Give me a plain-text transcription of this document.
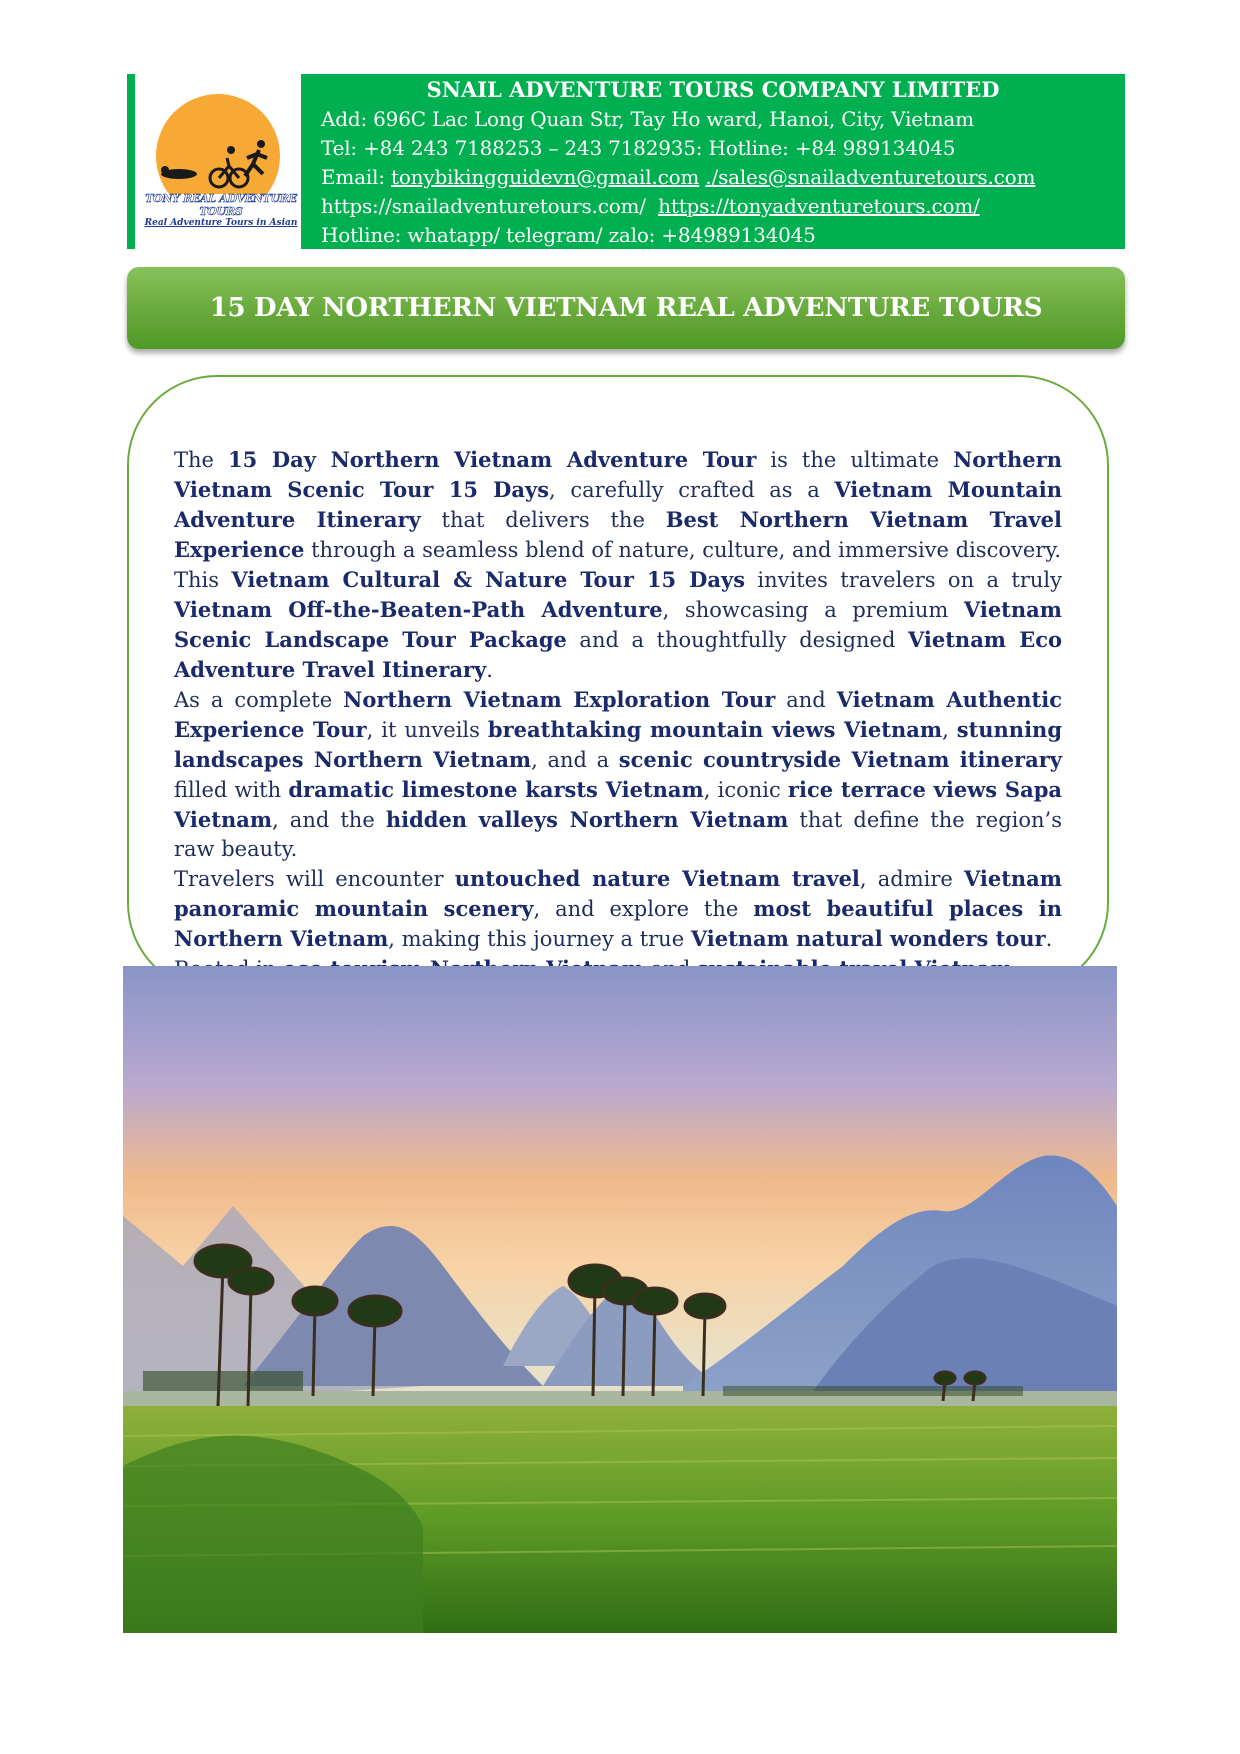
TONY REAL ADVENTURE TOURS
Real Adventure Tours in Asian
SNAIL ADVENTURE TOURS COMPANY LIMITED
Add: 696C Lac Long Quan Str, Tay Ho ward, Hanoi, City, Vietnam
Tel: +84 243 7188253 – 243 7182935: Hotline: +84 989134045
Email: tonybikingguidevn@gmail.com ./sales@snailadventuretours.com
https://snailadventuretours.com/ https://tonyadventuretours.com/
Hotline: whatapp/ telegram/ zalo: +84989134045
15 DAY NORTHERN VIETNAM REAL ADVENTURE TOURS

The 15 Day Northern Vietnam Adventure Tour is the ultimate Northern Vietnam Scenic Tour 15 Days, carefully crafted as a Vietnam Mountain Adventure Itinerary that delivers the Best Northern Vietnam Travel Experience through a seamless blend of nature, culture, and immersive discovery.

This Vietnam Cultural & Nature Tour 15 Days invites travelers on a truly Vietnam Off-the-Beaten-Path Adventure, showcasing a premium Vietnam Scenic Landscape Tour Package and a thoughtfully designed Vietnam Eco Adventure Travel Itinerary.

As a complete Northern Vietnam Exploration Tour and Vietnam Authentic Experience Tour, it unveils breathtaking mountain views Vietnam, stunning landscapes Northern Vietnam, and a scenic countryside Vietnam itinerary filled with dramatic limestone karsts Vietnam, iconic rice terrace views Sapa Vietnam, and the hidden valleys Northern Vietnam that define the region’s raw beauty.

Travelers will encounter untouched nature Vietnam travel, admire Vietnam panoramic mountain scenery, and explore the most beautiful places in Northern Vietnam, making this journey a true Vietnam natural wonders tour.
